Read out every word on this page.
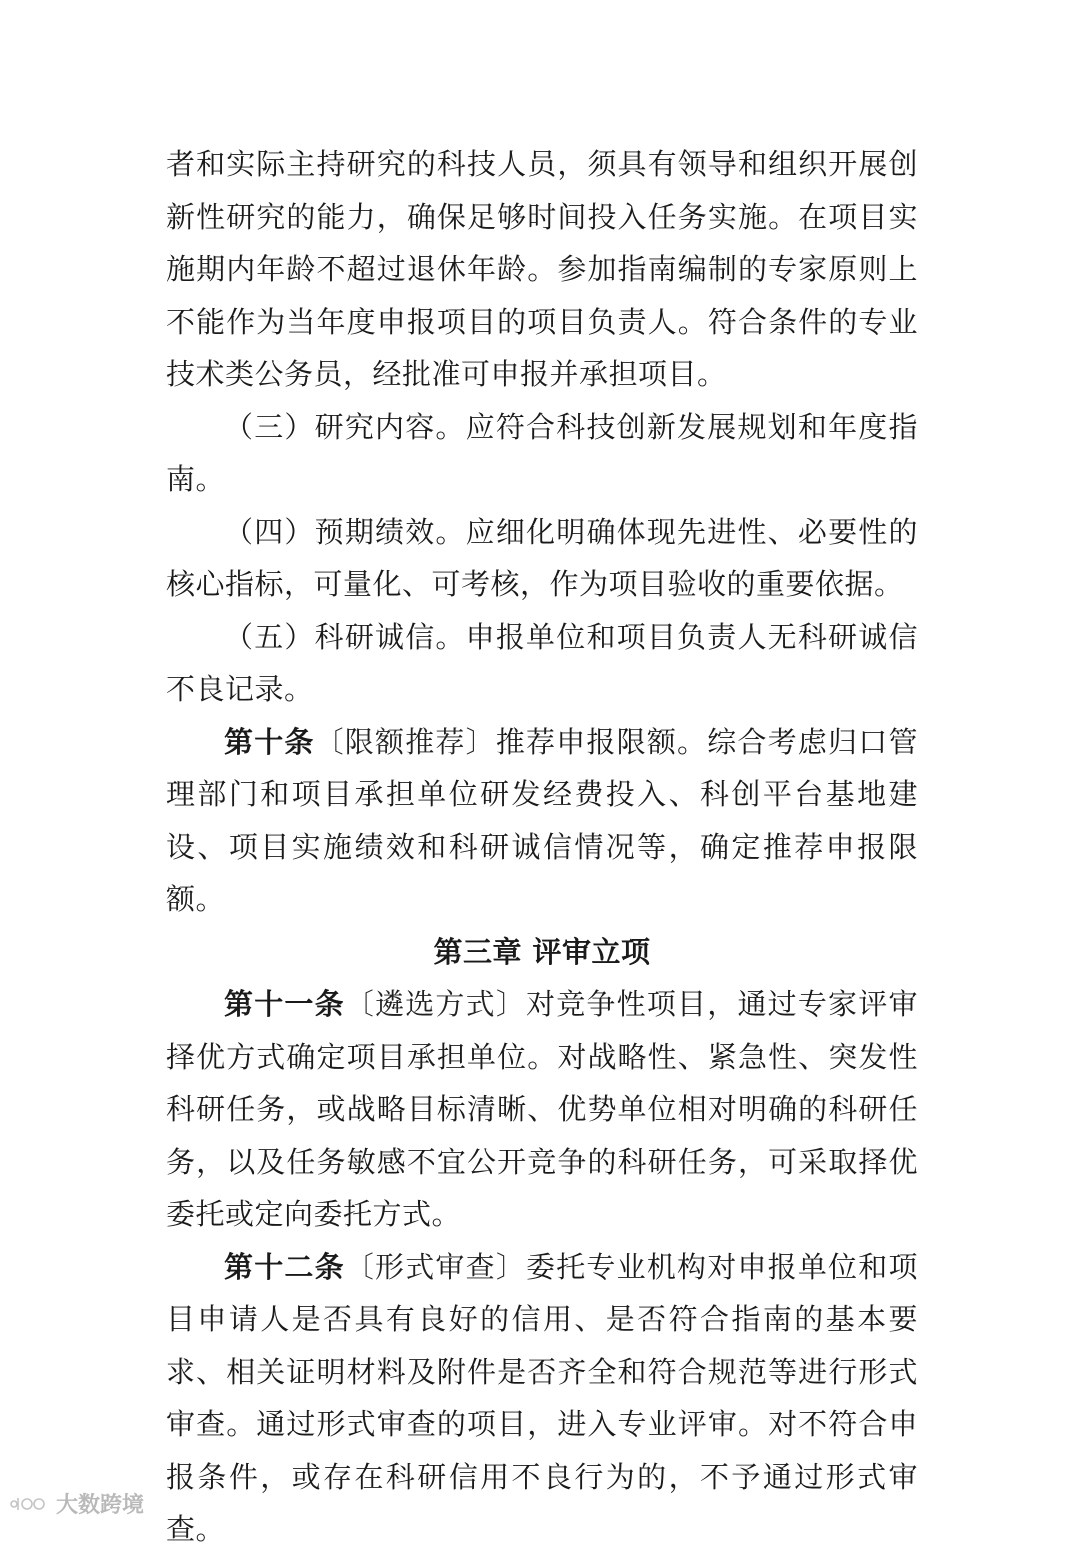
者和实际主持研究的科技人员，须具有领导和组织开展创新性研究的能力，确保足够时间投入任务实施。在项目实施期内年龄不超过退休年龄。参加指南编制的专家原则上不能作为当年度申报项目的项目负责人。符合条件的专业技术类公务员，经批准可申报并承担项目。

（三）研究内容。应符合科技创新发展规划和年度指南。

（四）预期绩效。应细化明确体现先进性、必要性的核心指标，可量化、可考核，作为项目验收的重要依据。

（五）科研诚信。申报单位和项目负责人无科研诚信不良记录。

第十条〔限额推荐〕推荐申报限额。综合考虑归口管理部门和项目承担单位研发经费投入、科创平台基地建设、项目实施绩效和科研诚信情况等，确定推荐申报限额。

第三章 评审立项

第十一条〔遴选方式〕对竞争性项目，通过专家评审择优方式确定项目承担单位。对战略性、紧急性、突发性科研任务，或战略目标清晰、优势单位相对明确的科研任务，以及任务敏感不宜公开竞争的科研任务，可采取择优委托或定向委托方式。

第十二条〔形式审查〕委托专业机构对申报单位和项目申请人是否具有良好的信用、是否符合指南的基本要求、相关证明材料及附件是否齐全和符合规范等进行形式审查。通过形式审查的项目，进入专业评审。对不符合申报条件，或存在科研信用不良行为的，不予通过形式审查。

大数跨境
